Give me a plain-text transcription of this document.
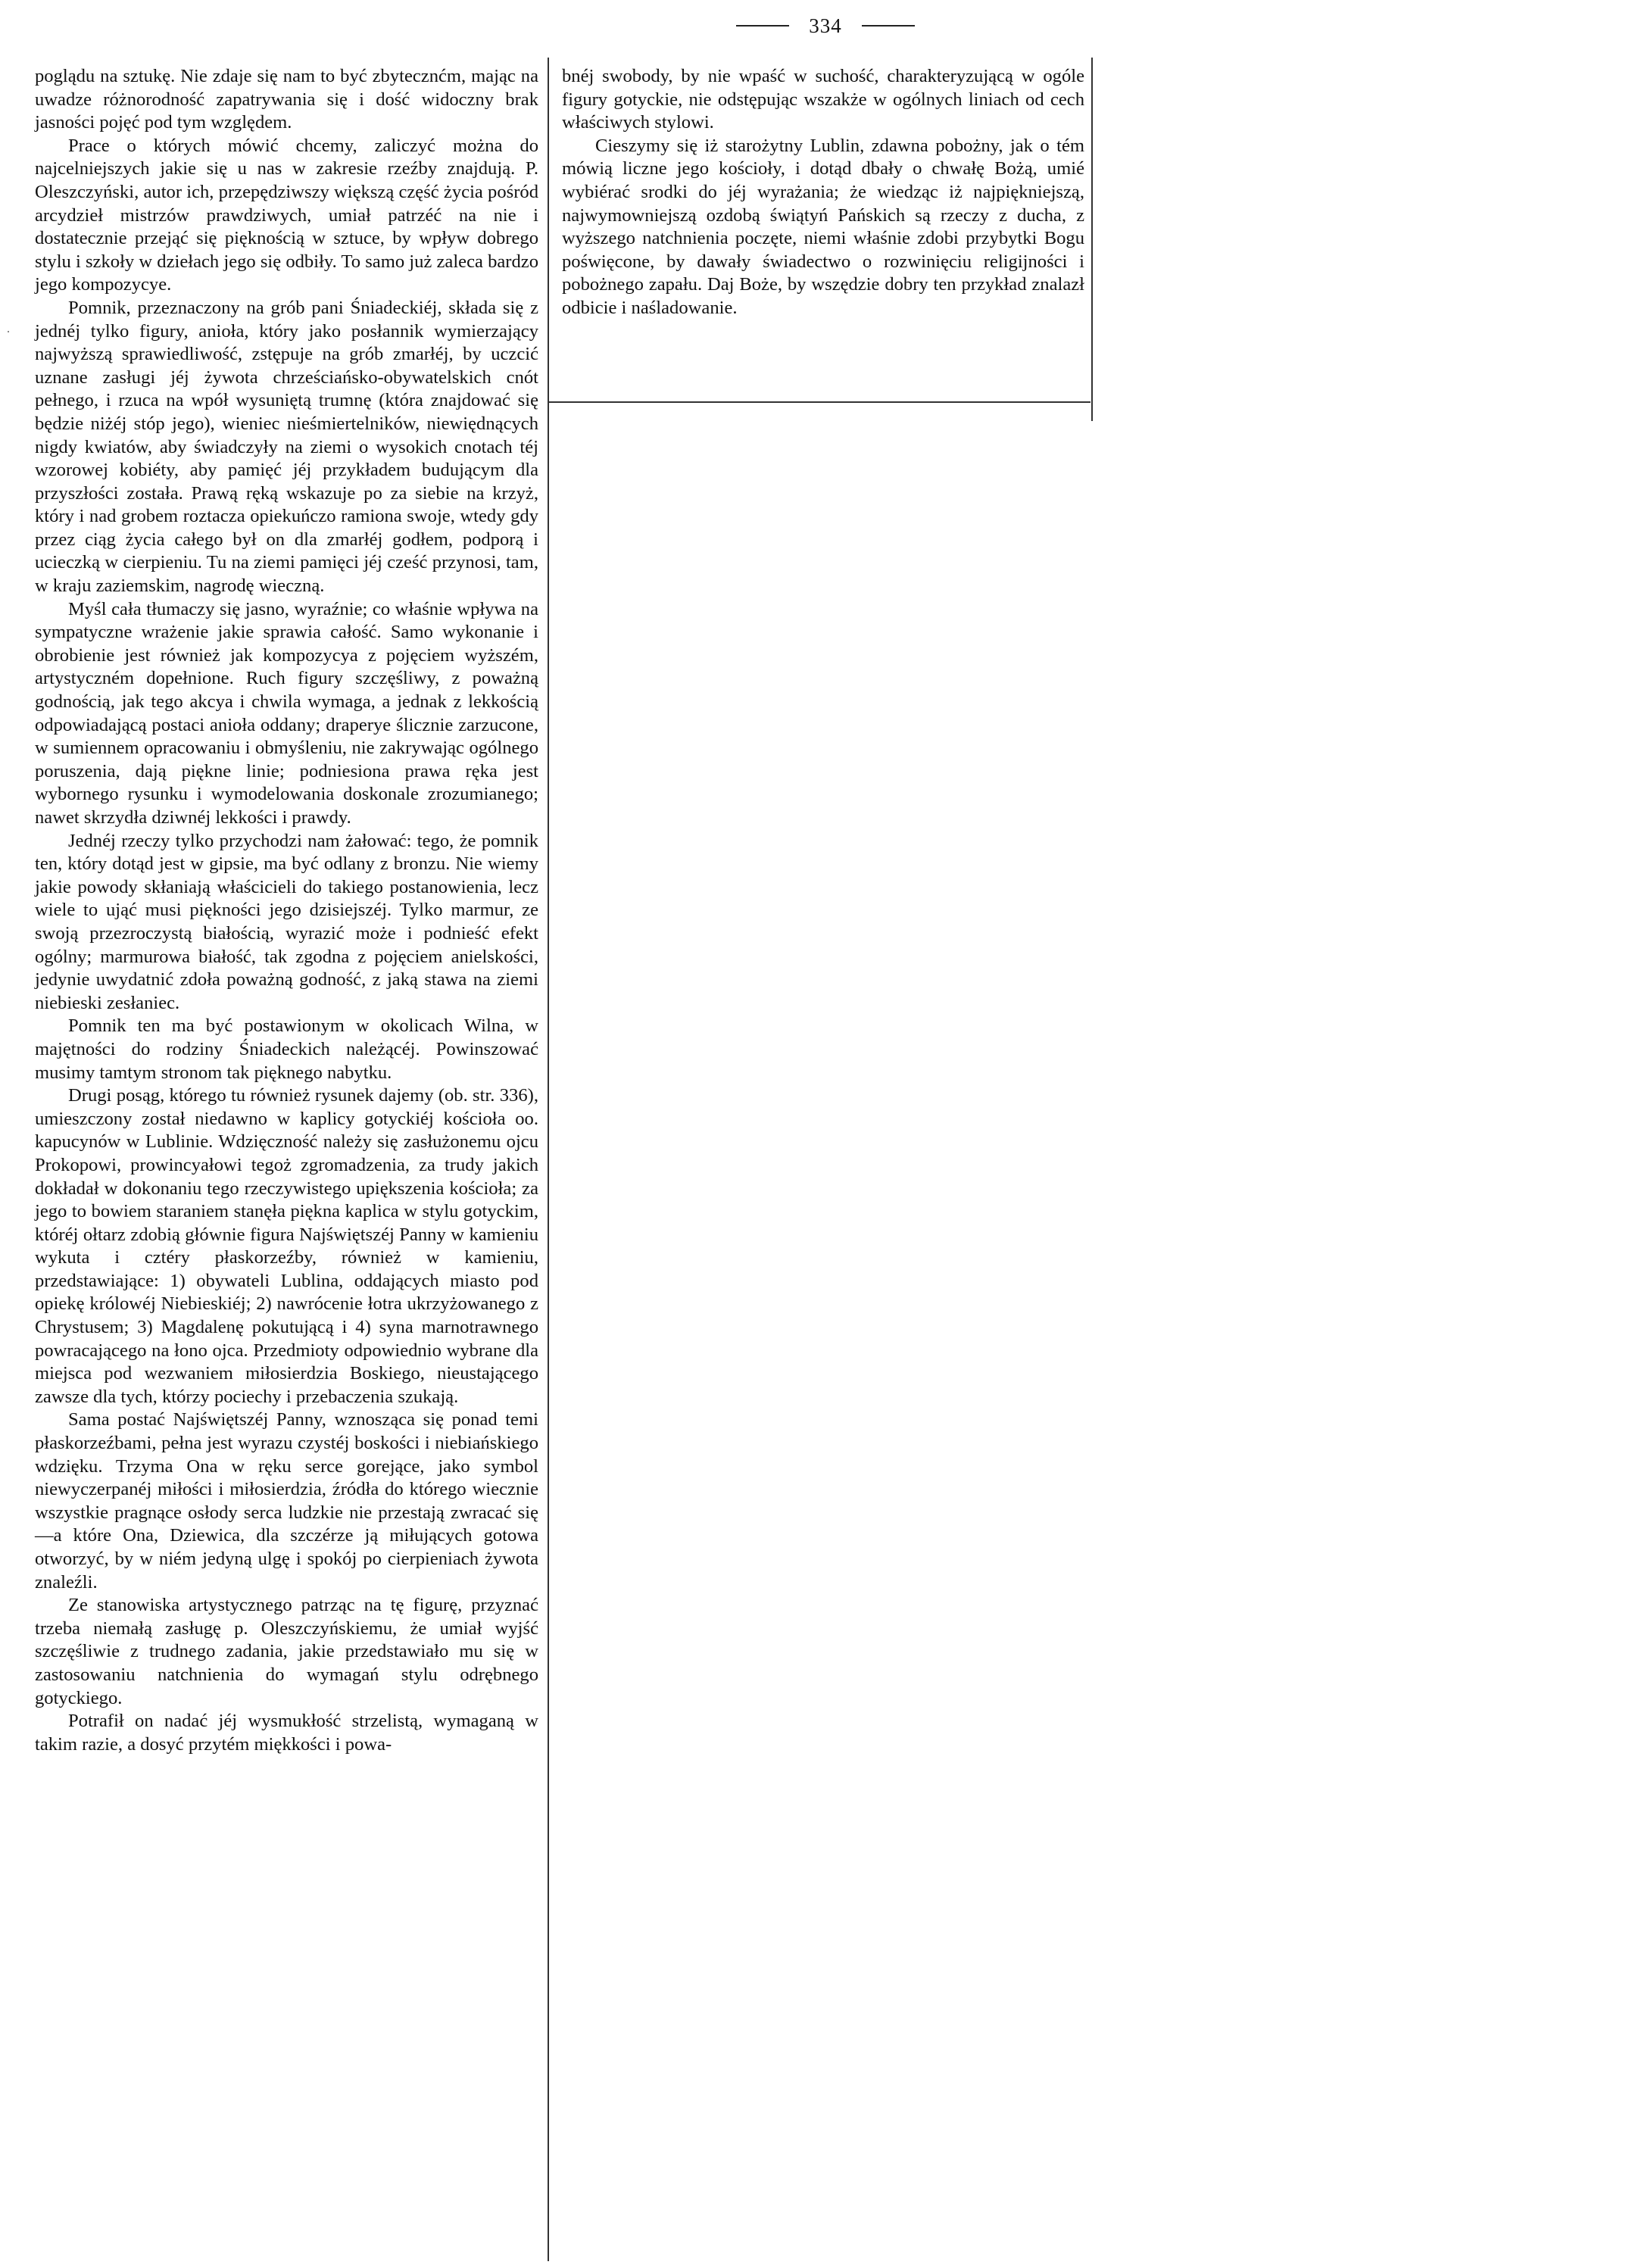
334
·

poglądu na sztukę. Nie zdaje się nam to być zbytecznćm, mając na uwadze różnorodność zapatrywania się i dość widoczny brak jasności pojęć pod tym względem.

Prace o których mówić chcemy, zaliczyć można do najcelniejszych jakie się u nas w zakresie rzeźby znajdują. P. Oleszczyński, autor ich, przepędziwszy większą część życia pośród arcydzieł mistrzów prawdziwych, umiał patrzéć na nie i dostatecznie przejąć się pięknością w sztuce, by wpływ dobrego stylu i szkoły w dziełach jego się odbiły. To samo już zaleca bardzo jego kompozycye.

Pomnik, przeznaczony na grób pani Śniadeckiéj, składa się z jednéj tylko figury, anioła, który jako posłannik wymierzający najwyższą sprawiedliwość, zstępuje na grób zmarłéj, by uczcić uznane zasługi jéj żywota chrześciańsko-obywatelskich cnót pełnego, i rzuca na wpół wysuniętą trumnę (która znajdować się będzie niżéj stóp jego), wieniec nieśmiertelników, niewiędnących nigdy kwiatów, aby świadczyły na ziemi o wysokich cnotach téj wzorowej kobiéty, aby pamięć jéj przykładem budującym dla przyszłości została. Prawą ręką wskazuje po za siebie na krzyż, który i nad grobem roztacza opiekuńczo ramiona swoje, wtedy gdy przez ciąg życia całego był on dla zmarłéj godłem, podporą i ucieczką w cierpieniu. Tu na ziemi pamięci jéj cześć przynosi, tam, w kraju zaziemskim, nagrodę wieczną.

Myśl cała tłumaczy się jasno, wyraźnie; co właśnie wpływa na sympatyczne wrażenie jakie sprawia całość. Samo wykonanie i obrobienie jest również jak kompozycya z pojęciem wyższém, artystyczném dopełnione. Ruch figury szczęśliwy, z poważną godnością, jak tego akcya i chwila wymaga, a jednak z lekkością odpowiadającą postaci anioła oddany; draperye ślicznie zarzucone, w sumiennem opracowaniu i obmyśleniu, nie zakrywając ogólnego poruszenia, dają piękne linie; podniesiona prawa ręka jest wybornego rysunku i wymodelowania doskonale zrozumianego; nawet skrzydła dziwnéj lekkości i prawdy.

Jednéj rzeczy tylko przychodzi nam żałować: tego, że pomnik ten, który dotąd jest w gipsie, ma być odlany z bronzu. Nie wiemy jakie powody skłaniają właścicieli do takiego postanowienia, lecz wiele to ująć musi piękności jego dzisiejszéj. Tylko marmur, ze swoją przezroczystą białością, wyrazić może i podnieść efekt ogólny; marmurowa białość, tak zgodna z pojęciem anielskości, jedynie uwydatnić zdoła poważną godność, z jaką stawa na ziemi niebieski zesłaniec.

Pomnik ten ma być postawionym w okolicach Wilna, w majętności do rodziny Śniadeckich należącéj. Powinszować musimy tamtym stronom tak pięknego nabytku.

Drugi posąg, którego tu również rysunek dajemy (ob. str. 336), umieszczony został niedawno w kaplicy gotyckiéj kościoła oo. kapucynów w Lublinie. Wdzięczność należy się zasłużonemu ojcu Prokopowi, prowincyałowi tegoż zgromadzenia, za trudy jakich dokładał w dokonaniu tego rzeczywistego upiększenia kościoła; za jego to bowiem staraniem stanęła piękna kaplica w stylu gotyckim, któréj ołtarz zdobią głównie figura Najświętszéj Panny w kamieniu wykuta i cztéry płaskorzeźby, również w kamieniu, przedstawiające: 1) obywateli Lublina, oddających miasto pod opiekę królowéj Niebieskiéj; 2) nawrócenie łotra ukrzyżowanego z Chrystusem; 3) Magdalenę pokutującą i 4) syna marnotrawnego powracającego na łono ojca. Przedmioty odpowiednio wybrane dla miejsca pod wezwaniem miłosierdzia Boskiego, nieustającego zawsze dla tych, którzy pociechy i przebaczenia szukają.

Sama postać Najświętszéj Panny, wznosząca się ponad temi płaskorzeźbami, pełna jest wyrazu czystéj boskości i niebiańskiego wdzięku. Trzyma Ona w ręku serce gorejące, jako symbol niewyczerpanéj miłości i miłosierdzia, źródła do którego wiecznie wszystkie pragnące osłody serca ludzkie nie przestają zwracać się—a które Ona, Dziewica, dla szczérze ją miłujących gotowa otworzyć, by w niém jedyną ulgę i spokój po cierpieniach żywota znaleźli.

Ze stanowiska artystycznego patrząc na tę figurę, przyznać trzeba niemałą zasługę p. Oleszczyńskiemu, że umiał wyjść szczęśliwie z trudnego zadania, jakie przedstawiało mu się w zastosowaniu natchnienia do wymagań stylu odrębnego gotyckiego.

Potrafił on nadać jéj wysmukłość strzelistą, wymaganą w takim razie, a dosyć przytém miękkości i powa-

bnéj swobody, by nie wpaść w suchość, charakteryzującą w ogóle figury gotyckie, nie odstępując wszakże w ogólnych liniach od cech właściwych stylowi.

Cieszymy się iż starożytny Lublin, zdawna pobożny, jak o tém mówią liczne jego kościoły, i dotąd dbały o chwałę Bożą, umié wybiérać srodki do jéj wyrażania; że wiedząc iż najpiękniejszą, najwymowniejszą ozdobą świątyń Pańskich są rzeczy z ducha, z wyższego natchnienia poczęte, niemi właśnie zdobi przybytki Bogu poświęcone, by dawały świadectwo o rozwinięciu religijności i pobożnego zapału. Daj Boże, by wszędzie dobry ten przykład znalazł odbicie i naśladowanie.
